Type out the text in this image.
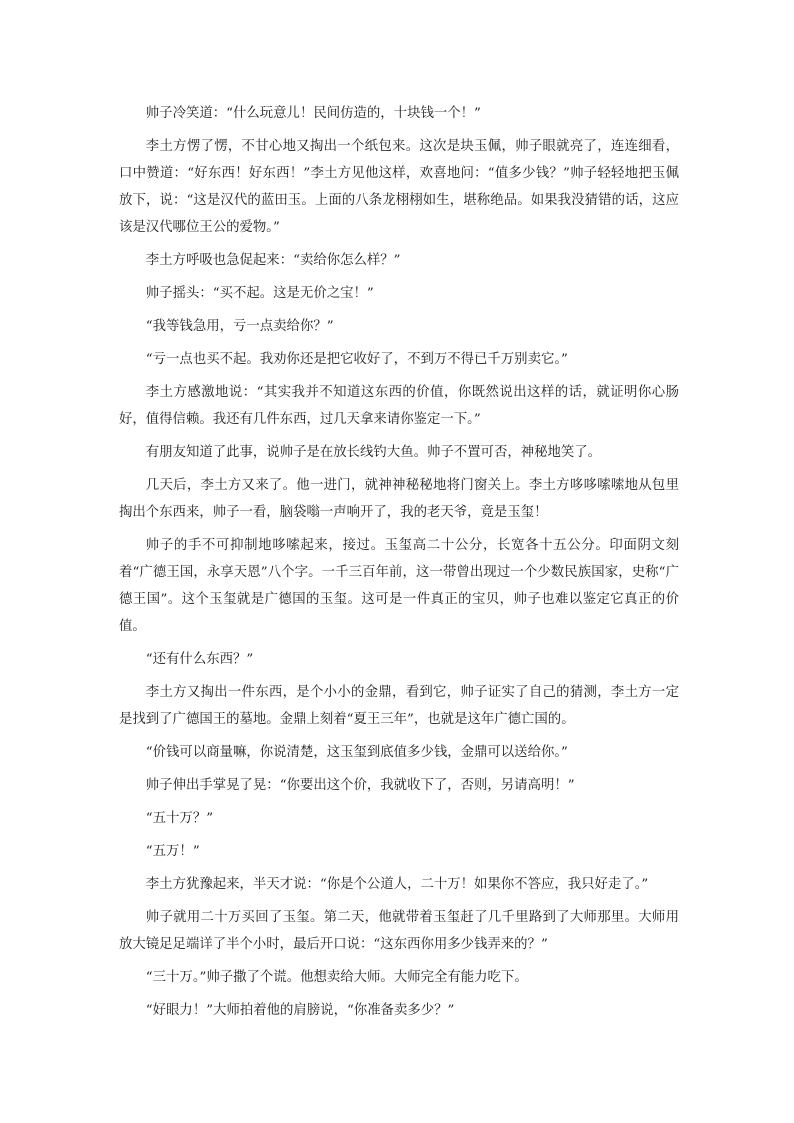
帅子冷笑道：“什么玩意儿！民间仿造的，十块钱一个！”

李土方愣了愣，不甘心地又掏出一个纸包来。这次是块玉佩，帅子眼就亮了，连连细看，口中赞道：“好东西！好东西！”李土方见他这样，欢喜地问：“值多少钱？”帅子轻轻地把玉佩放下，说：“这是汉代的蓝田玉。上面的八条龙栩栩如生，堪称绝品。如果我没猜错的话，这应该是汉代哪位王公的爱物。”

李土方呼吸也急促起来：“卖给你怎么样？”

帅子摇头：“买不起。这是无价之宝！”

“我等钱急用，亏一点卖给你？”

“亏一点也买不起。我劝你还是把它收好了，不到万不得已千万别卖它。”

李土方感激地说：“其实我并不知道这东西的价值，你既然说出这样的话，就证明你心肠好，值得信赖。我还有几件东西，过几天拿来请你鉴定一下。”

有朋友知道了此事，说帅子是在放长线钓大鱼。帅子不置可否，神秘地笑了。

几天后，李土方又来了。他一进门，就神神秘秘地将门窗关上。李土方哆哆嗦嗦地从包里掏出个东西来，帅子一看，脑袋嗡一声响开了，我的老天爷，竟是玉玺！

帅子的手不可抑制地哆嗦起来，接过。玉玺高二十公分，长宽各十五公分。印面阴文刻着“广德王国，永享天恩”八个字。一千三百年前，这一带曾出现过一个少数民族国家，史称“广德王国”。这个玉玺就是广德国的玉玺。这可是一件真正的宝贝，帅子也难以鉴定它真正的价值。

“还有什么东西？”

李土方又掏出一件东西，是个小小的金鼎，看到它，帅子证实了自己的猜测，李土方一定是找到了广德国王的墓地。金鼎上刻着“夏王三年”，也就是这年广德亡国的。

“价钱可以商量嘛，你说清楚，这玉玺到底值多少钱，金鼎可以送给你。”

帅子伸出手掌晃了晃：“你要出这个价，我就收下了，否则，另请高明！”

“五十万？”

“五万！”

李土方犹豫起来，半天才说：“你是个公道人，二十万！如果你不答应，我只好走了。”

帅子就用二十万买回了玉玺。第二天，他就带着玉玺赶了几千里路到了大师那里。大师用放大镜足足端详了半个小时，最后开口说：“这东西你用多少钱弄来的？”

“三十万。”帅子撒了个谎。他想卖给大师。大师完全有能力吃下。

“好眼力！”大师拍着他的肩膀说，“你准备卖多少？”
